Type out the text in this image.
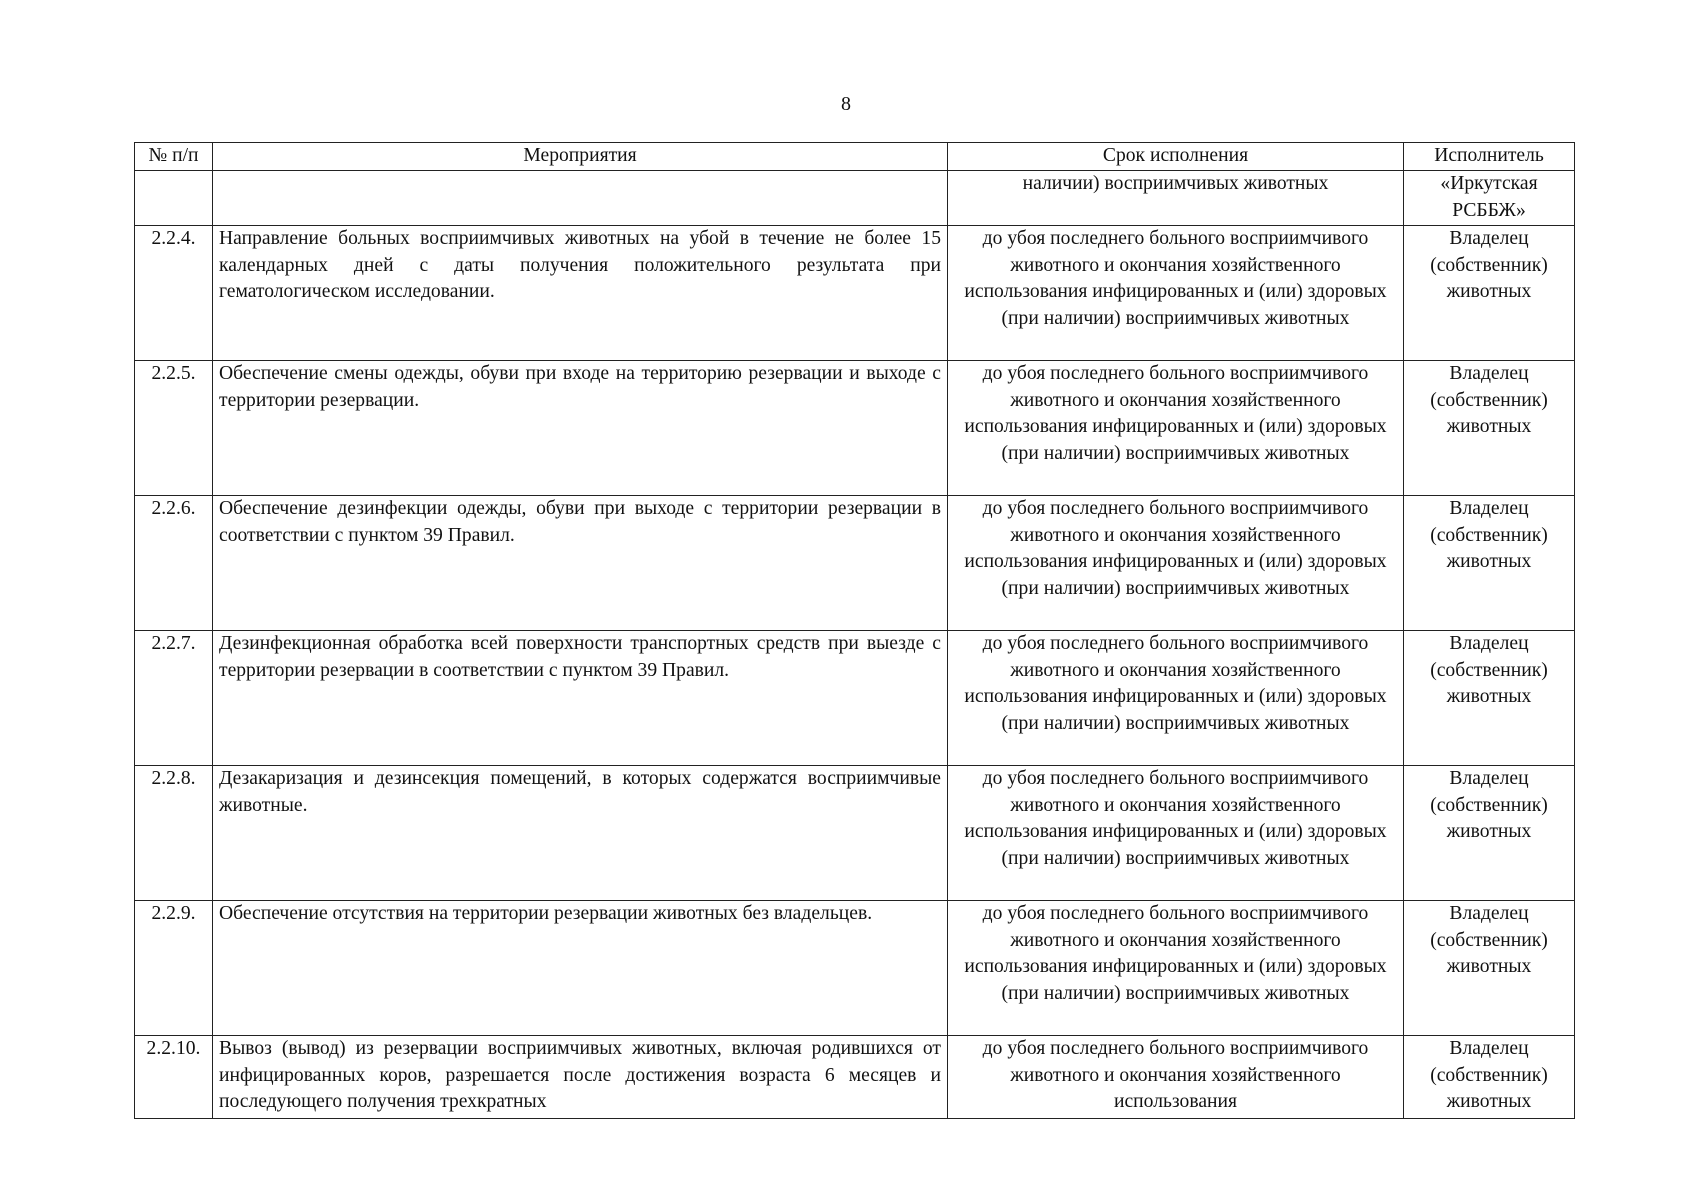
8
№ п/п	Мероприятия	Срок исполнения	Исполнитель
		наличии) восприимчивых животных	«Иркутская РСББЖ»
2.2.4.	Направление больных восприимчивых животных на убой в течение не более 15 календарных дней с даты получения положительного результата при гематологическом исследовании.	до убоя последнего больного восприимчивого животного и окончания хозяйственного использования инфицированных и (или) здоровых (при наличии) восприимчивых животных	Владелец (собственник) животных
2.2.5.	Обеспечение смены одежды, обуви при входе на территорию резервации и выходе с территории резервации.	до убоя последнего больного восприимчивого животного и окончания хозяйственного использования инфицированных и (или) здоровых (при наличии) восприимчивых животных	Владелец (собственник) животных
2.2.6.	Обеспечение дезинфекции одежды, обуви при выходе с территории резервации в соответствии с пунктом 39 Правил.	до убоя последнего больного восприимчивого животного и окончания хозяйственного использования инфицированных и (или) здоровых (при наличии) восприимчивых животных	Владелец (собственник) животных
2.2.7.	Дезинфекционная обработка всей поверхности транспортных средств при выезде с территории резервации в соответствии с пунктом 39 Правил.	до убоя последнего больного восприимчивого животного и окончания хозяйственного использования инфицированных и (или) здоровых (при наличии) восприимчивых животных	Владелец (собственник) животных
2.2.8.	Дезакаризация и дезинсекция помещений, в которых содержатся восприимчивые животные.	до убоя последнего больного восприимчивого животного и окончания хозяйственного использования инфицированных и (или) здоровых (при наличии) восприимчивых животных	Владелец (собственник) животных
2.2.9.	Обеспечение отсутствия на территории резервации животных без владельцев.	до убоя последнего больного восприимчивого животного и окончания хозяйственного использования инфицированных и (или) здоровых (при наличии) восприимчивых животных	Владелец (собственник) животных
2.2.10.	Вывоз (вывод) из резервации восприимчивых животных, включая родившихся от инфицированных коров, разрешается после достижения возраста 6 месяцев и последующего получения трехкратных	до убоя последнего больного восприимчивого животного и окончания хозяйственного использования	Владелец (собственник) животных
